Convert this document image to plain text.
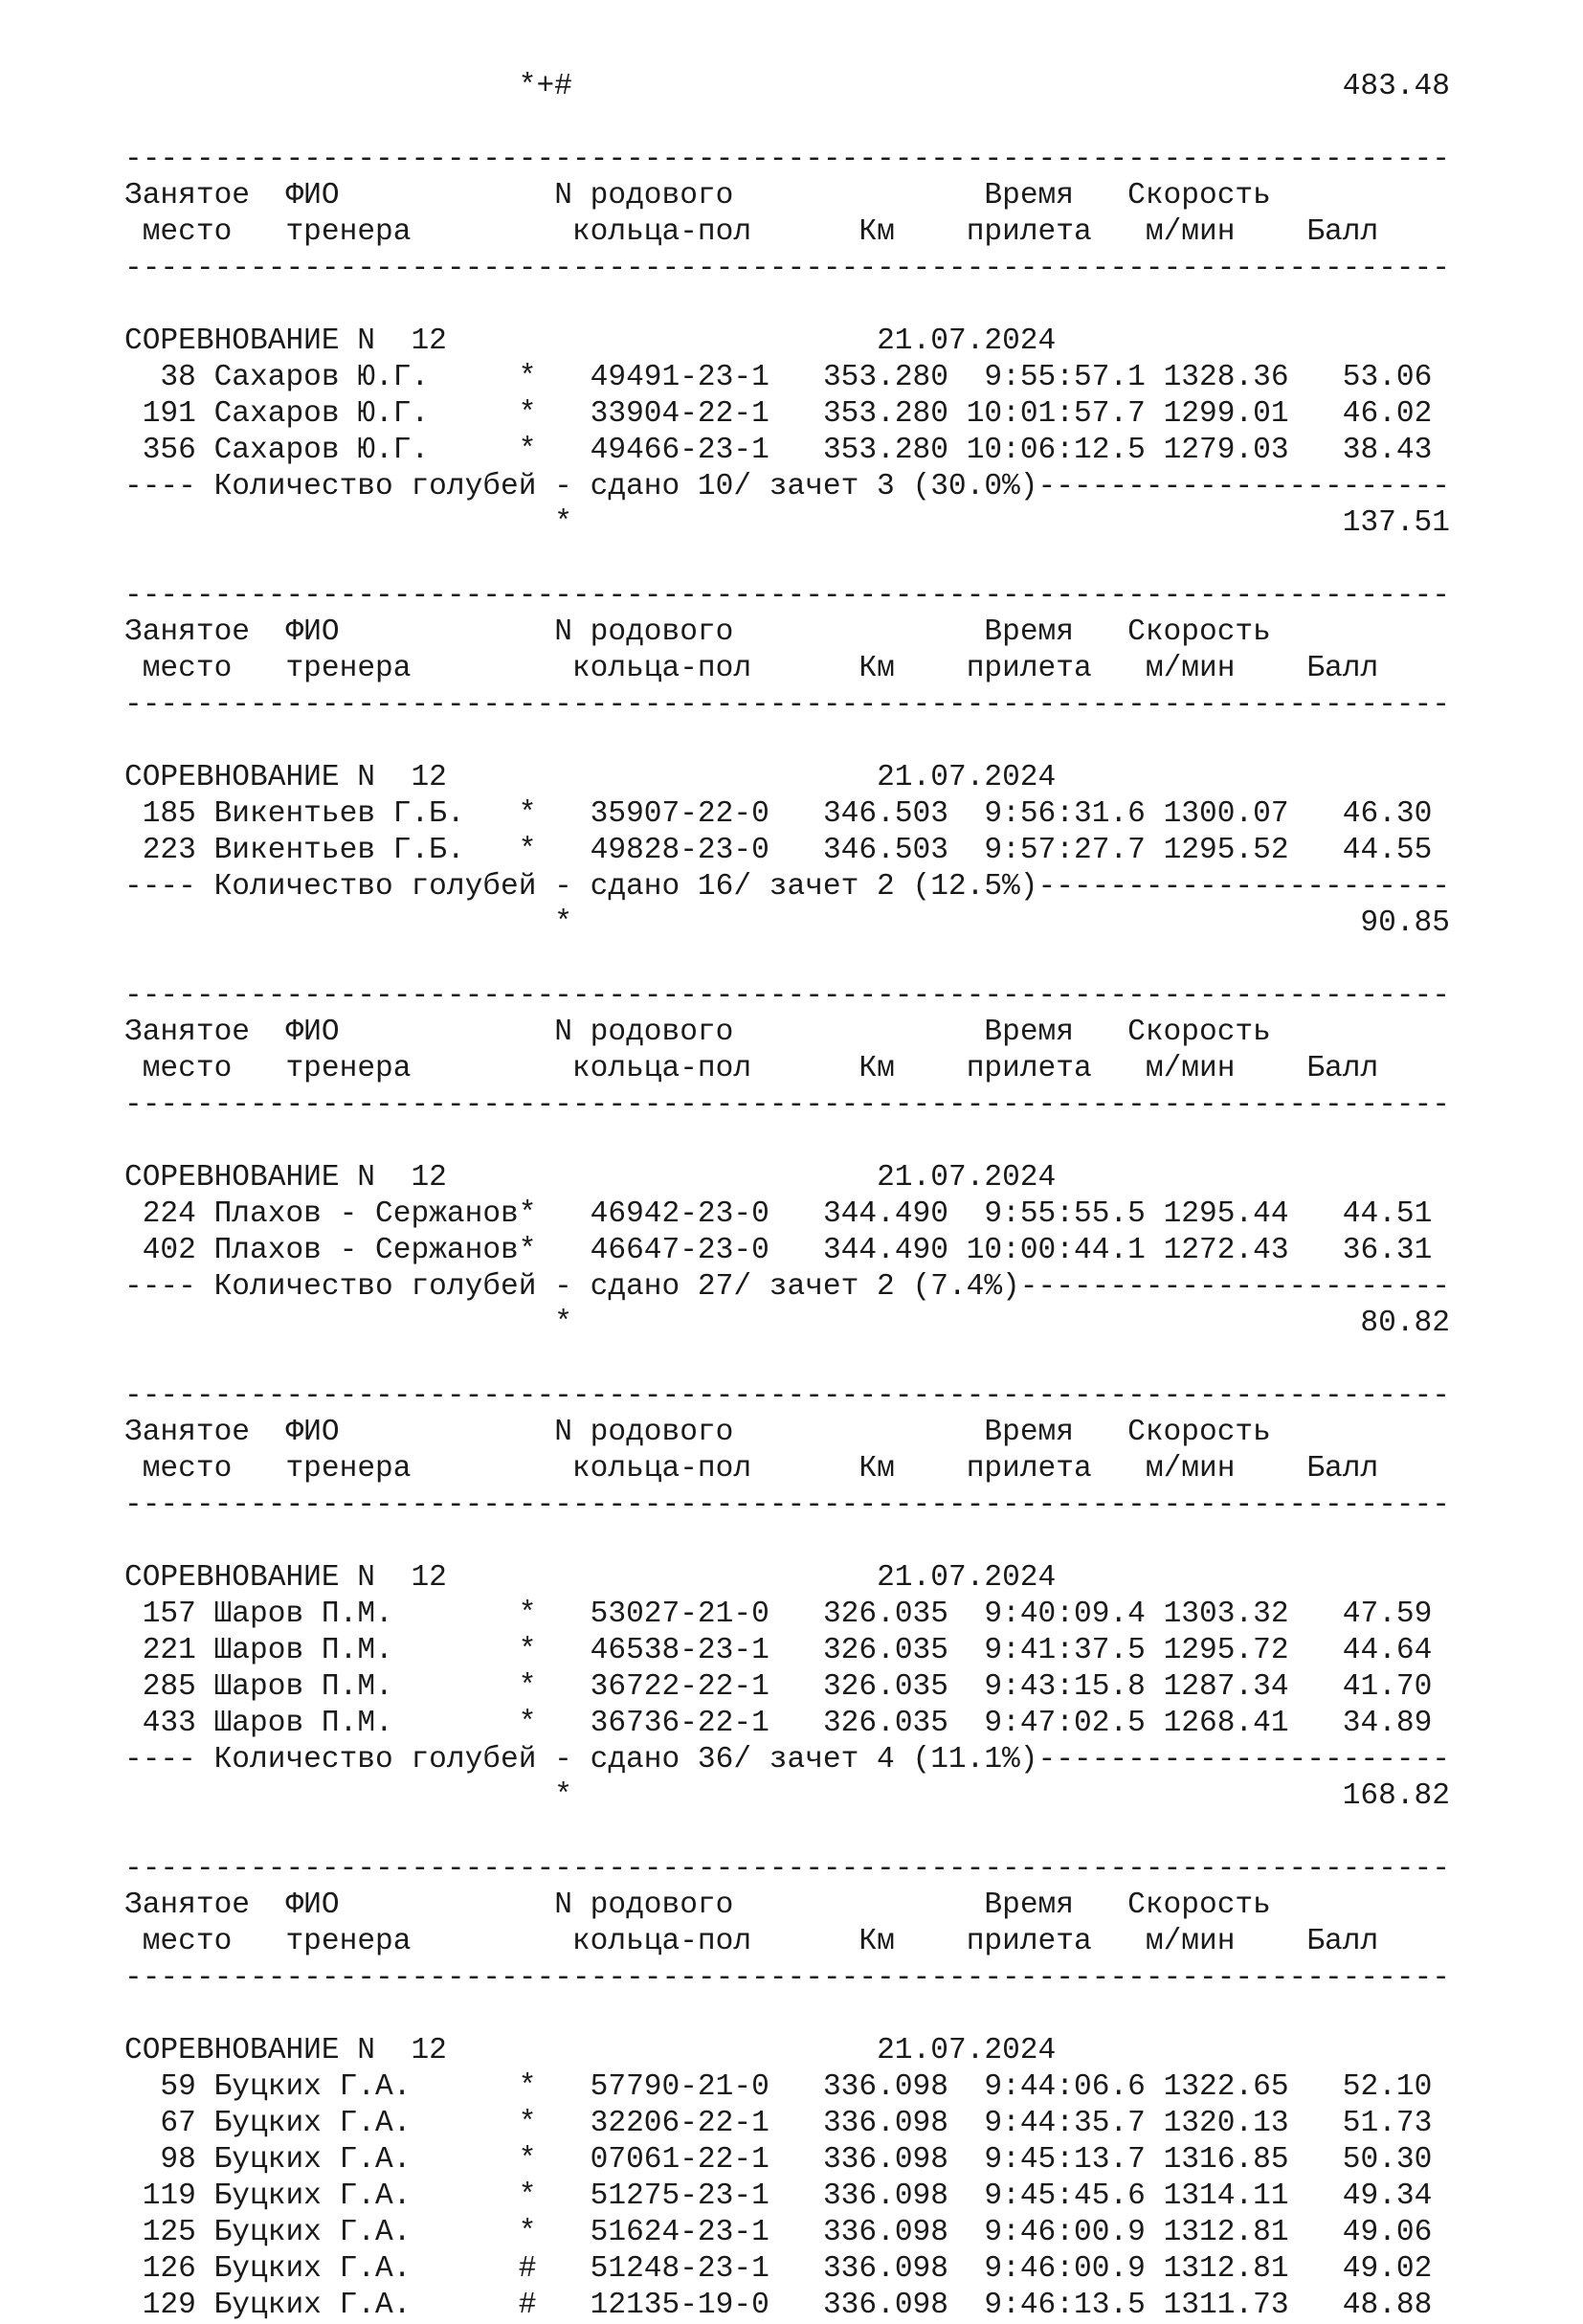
*+#	483.48

--------------------------------------------------------------------------
Занятое ФИО	N родового	Время Скорость
место тренера	кольца-пол	Км прилета м/мин Балл
--------------------------------------------------------------------------

СОРЕВНОВАНИЕ N  12	21.07.2024
38 Сахаров Ю.Г.     * 49491-23-1 353.280  9:55:57.1 1328.36   53.06
191 Сахаров Ю.Г.     * 33904-22-1 353.280 10:01:57.7 1299.01   46.02
356 Сахаров Ю.Г.     * 49466-23-1 353.280 10:06:12.5 1279.03   38.43
---- Количество голубей - сдано 10/ зачет 3 (30.0%)-----------------------
*	137.51

--------------------------------------------------------------------------
Занятое ФИО	N родового	Время Скорость
место тренера	кольца-пол	Км прилета м/мин Балл
--------------------------------------------------------------------------

СОРЕВНОВАНИЕ N  12	21.07.2024
185 Викентьев Г.Б.   * 35907-22-0 346.503  9:56:31.6 1300.07   46.30
223 Викентьев Г.Б.   * 49828-23-0 346.503  9:57:27.7 1295.52   44.55
---- Количество голубей - сдано 16/ зачет 2 (12.5%)-----------------------
*	90.85

--------------------------------------------------------------------------
Занятое ФИО	N родового	Время Скорость
место тренера	кольца-пол	Км прилета м/мин Балл
--------------------------------------------------------------------------

СОРЕВНОВАНИЕ N  12	21.07.2024
224 Плахов - Сержанов* 46942-23-0 344.490  9:55:55.5 1295.44   44.51
402 Плахов - Сержанов* 46647-23-0 344.490 10:00:44.1 1272.43   36.31
---- Количество голубей - сдано 27/ зачет 2 (7.4%)------------------------
*	80.82

--------------------------------------------------------------------------
Занятое ФИО	N родового	Время Скорость
место тренера	кольца-пол	Км прилета м/мин Балл
--------------------------------------------------------------------------

СОРЕВНОВАНИЕ N  12	21.07.2024
157 Шаров П.М.       * 53027-21-0 326.035  9:40:09.4 1303.32   47.59
221 Шаров П.М.       * 46538-23-1 326.035  9:41:37.5 1295.72   44.64
285 Шаров П.М.       * 36722-22-1 326.035  9:43:15.8 1287.34   41.70
433 Шаров П.М.       * 36736-22-1 326.035  9:47:02.5 1268.41   34.89
---- Количество голубей - сдано 36/ зачет 4 (11.1%)-----------------------
*	168.82

--------------------------------------------------------------------------
Занятое ФИО	N родового	Время Скорость
место тренера	кольца-пол	Км прилета м/мин Балл
--------------------------------------------------------------------------

СОРЕВНОВАНИЕ N  12	21.07.2024
59 Буцких Г.А.      * 57790-21-0 336.098  9:44:06.6 1322.65   52.10
67 Буцких Г.А.      * 32206-22-1 336.098  9:44:35.7 1320.13   51.73
98 Буцких Г.А.      * 07061-22-1 336.098  9:45:13.7 1316.85   50.30
119 Буцких Г.А.      * 51275-23-1 336.098  9:45:45.6 1314.11   49.34
125 Буцких Г.А.      * 51624-23-1 336.098  9:46:00.9 1312.81   49.06
126 Буцких Г.А.      # 51248-23-1 336.098  9:46:00.9 1312.81   49.02
129 Буцких Г.А.      # 12135-19-0 336.098  9:46:13.5 1311.73   48.88
